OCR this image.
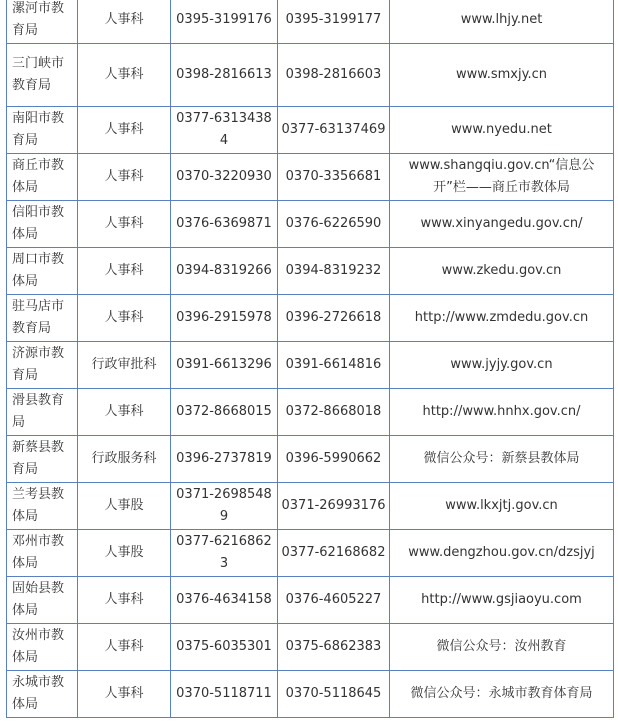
漯河市教育局	人事科	0395-3199176	0395-3199177	www.lhjy.net
三门峡市教育局	人事科	0398-2816613	0398-2816603	www.smxjy.cn
南阳市教育局	人事科	0377-63134384	0377-63137469	www.nyedu.net
商丘市教体局	人事科	0370-3220930	0370-3356681	www.shangqiu.gov.cn“信息公开”栏——商丘市教体局
信阳市教体局	人事科	0376-6369871	0376-6226590	www.xinyangedu.gov.cn/
周口市教体局	人事科	0394-8319266	0394-8319232	www.zkedu.gov.cn
驻马店市教育局	人事科	0396-2915978	0396-2726618	http://www.zmdedu.gov.cn
济源市教育局	行政审批科	0391-6613296	0391-6614816	www.jyjy.gov.cn
滑县教育局	人事科	0372-8668015	0372-8668018	http://www.hnhx.gov.cn/
新蔡县教育局	行政服务科	0396-2737819	0396-5990662	微信公众号：新蔡县教体局
兰考县教体局	人事股	0371-26985489	0371-26993176	www.lkxjtj.gov.cn
邓州市教体局	人事股	0377-62168623	0377-62168682	www.dengzhou.gov.cn/dzsjyj
固始县教体局	人事科	0376-4634158	0376-4605227	http://www.gsjiaoyu.com
汝州市教体局	人事科	0375-6035301	0375-6862383	微信公众号：汝州教育
永城市教体局	人事科	0370-5118711	0370-5118645	微信公众号：永城市教育体育局
